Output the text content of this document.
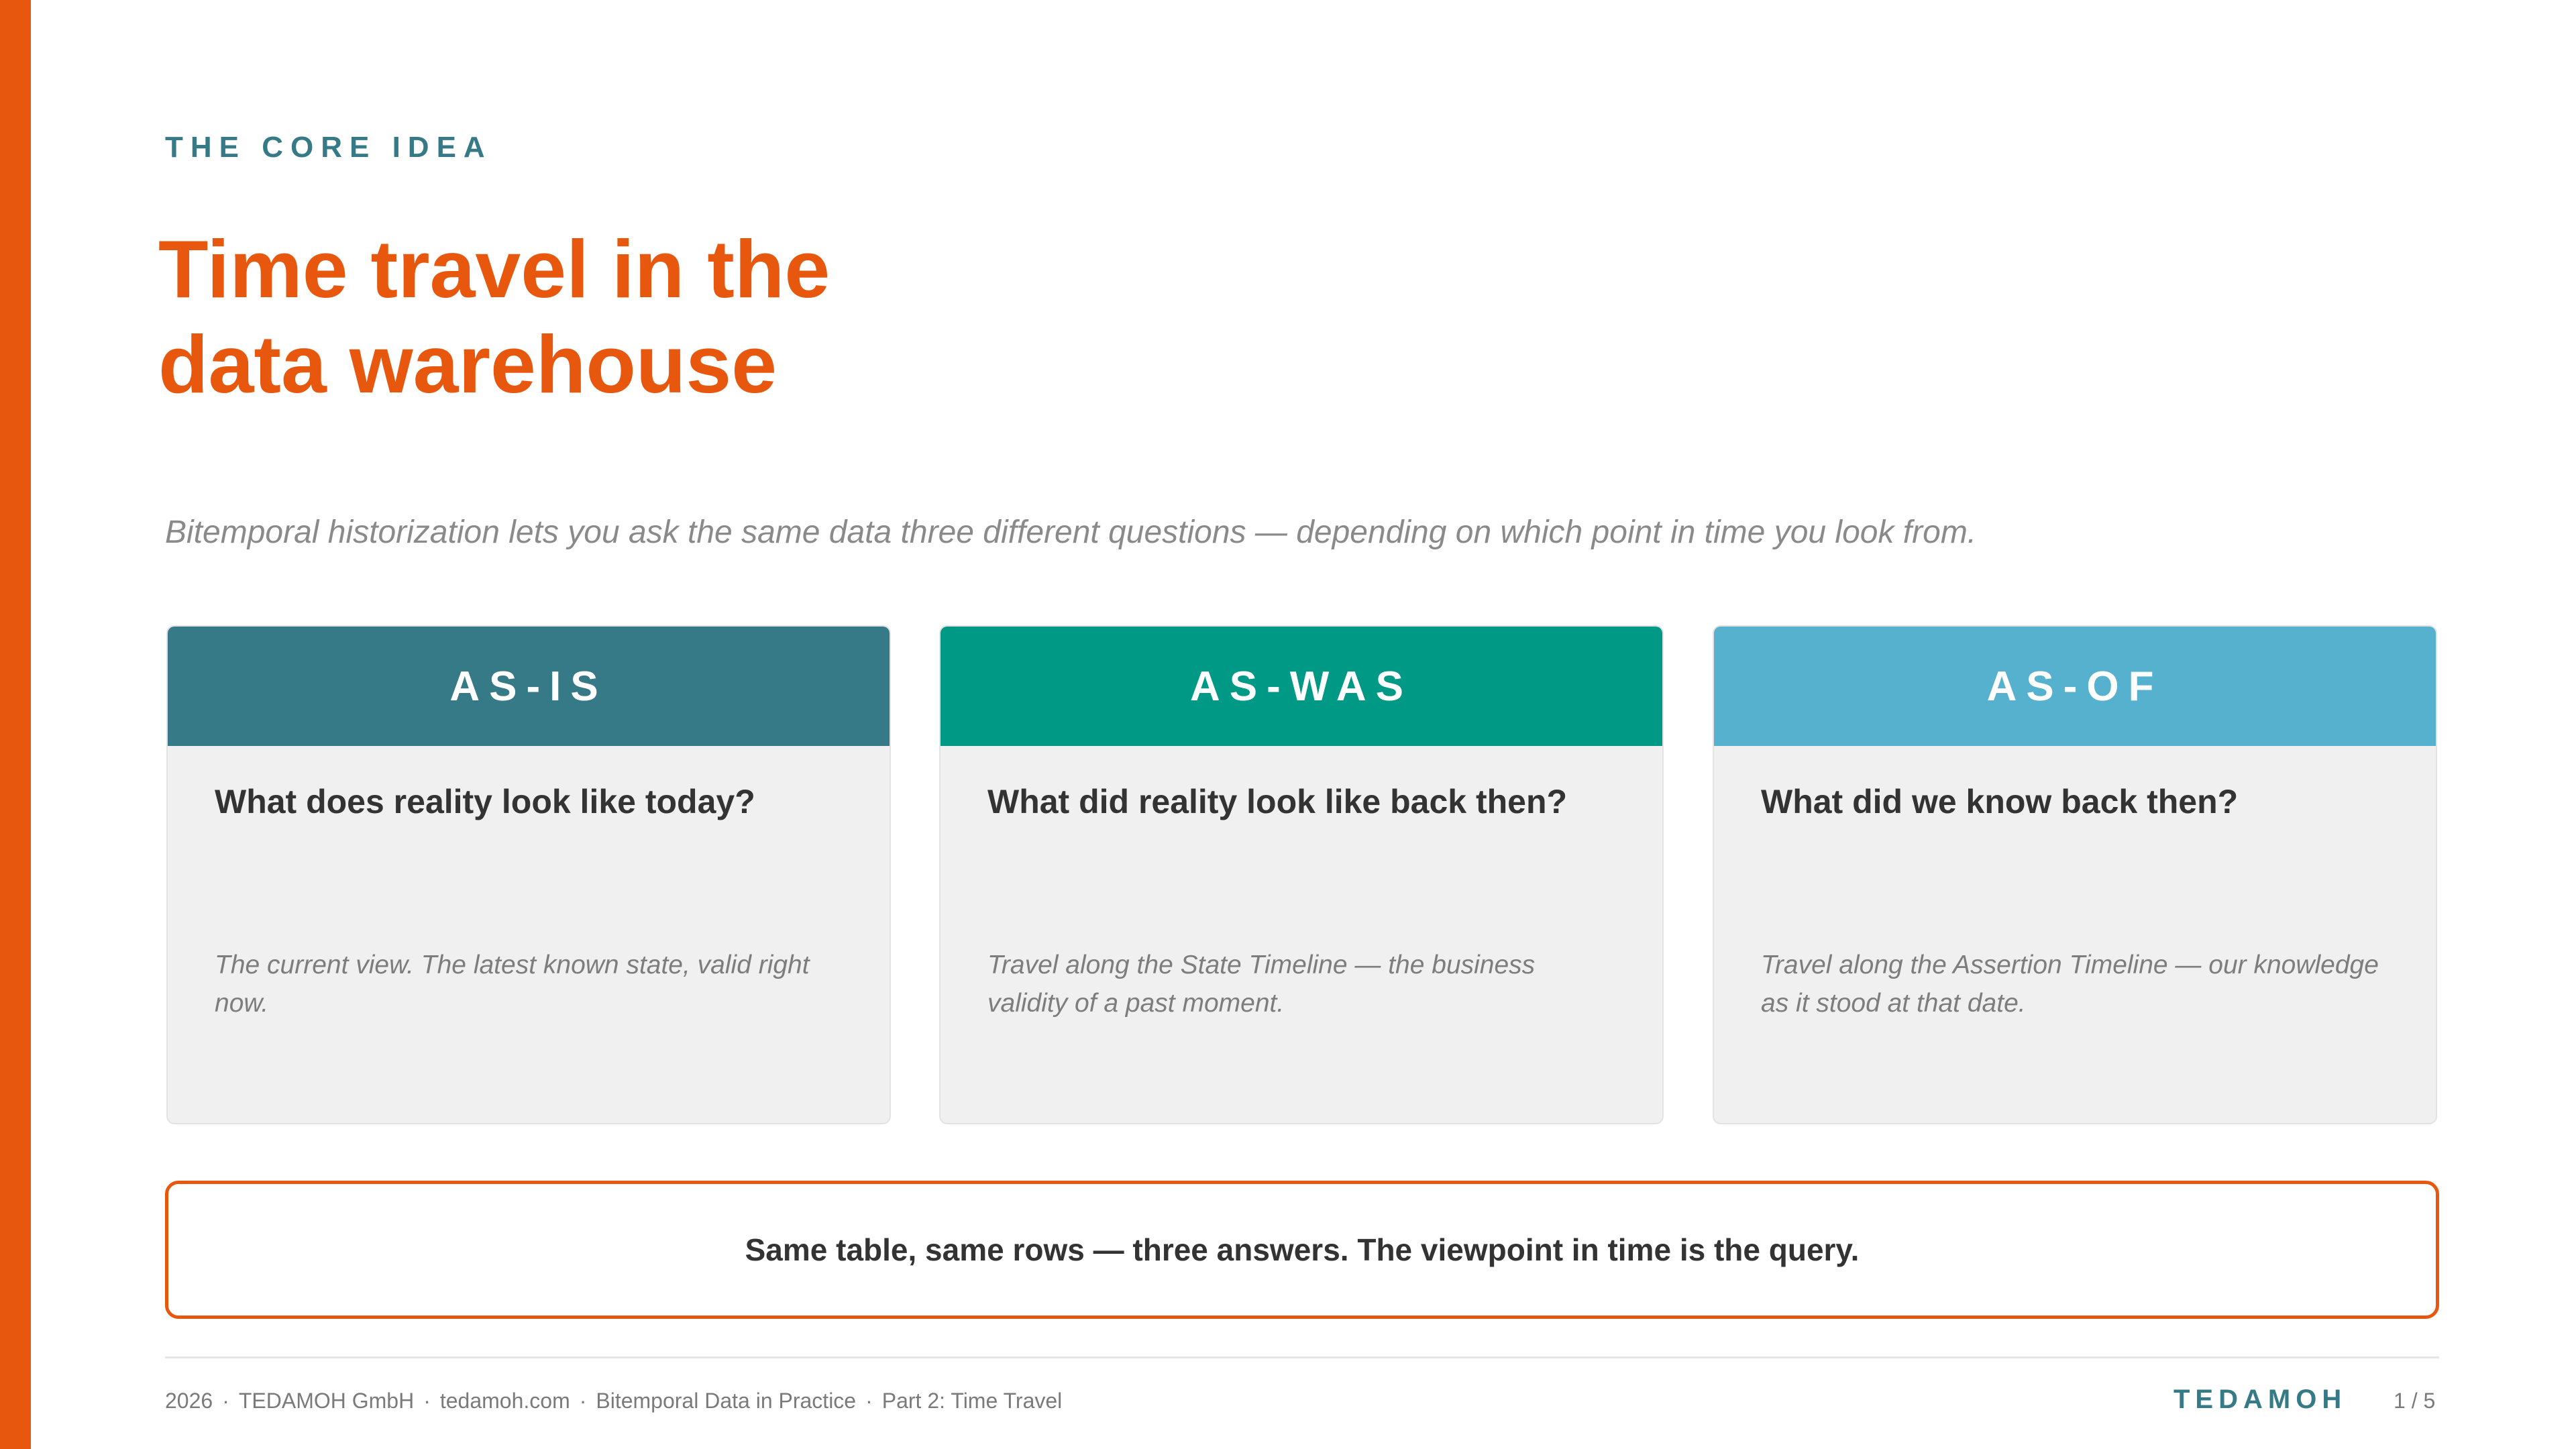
THE CORE IDEA
Time travel in the
data warehouse
Bitemporal historization lets you ask the same data three different questions — depending on which point in time you look from.
AS-IS
What does reality look like today?
The current view. The latest known state, valid right now.
AS-WAS
What did reality look like back then?
Travel along the State Timeline — the business validity of a past moment.
AS-OF
What did we know back then?
Travel along the Assertion Timeline — our knowledge as it stood at that date.
Same table, same rows — three answers. The viewpoint in time is the query.
2026 · TEDAMOH GmbH · tedamoh.com · Bitemporal Data in Practice · Part 2: Time Travel	TEDAMOH 1 / 5
